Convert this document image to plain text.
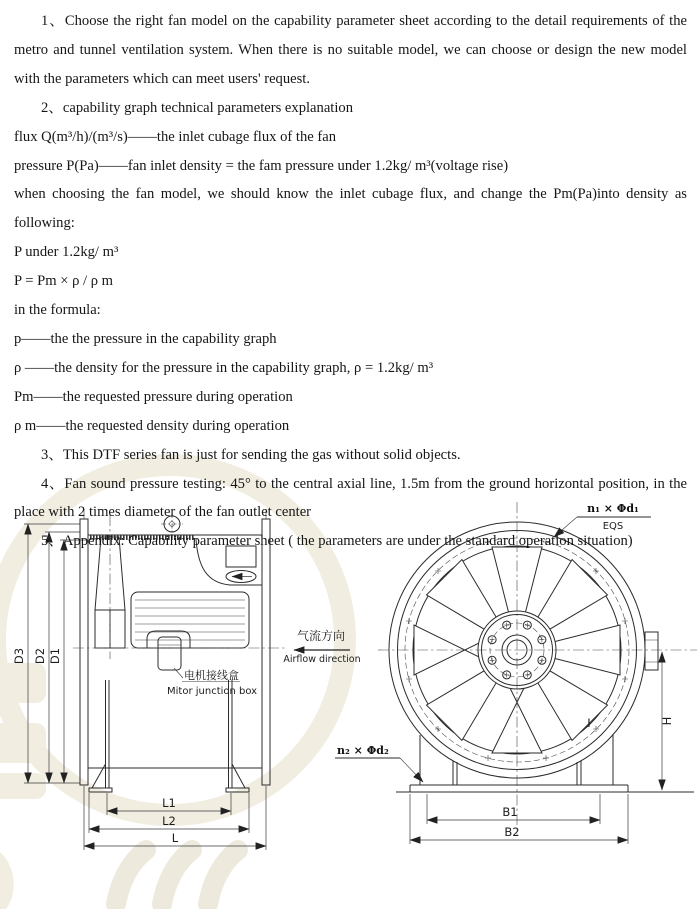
1、Choose the right fan model on the capability parameter sheet according to the detail requirements of the metro and tunnel ventilation system. When there is no suitable model, we can choose or design the new model with the parameters which can meet users' request.

2、capability graph technical parameters explanation

flux Q(m³/h)/(m³/s)——the inlet cubage flux of the fan

pressure P(Pa)——fan inlet density = the fam pressure under 1.2kg/ m³(voltage rise)

when choosing the fan model, we should know the inlet cubage flux, and change the Pm(Pa)into density as following:

P under 1.2kg/ m³

P = Pm × ρ / ρ m

in the formula:

p——the the pressure in the capability graph

ρ ——the density for the pressure in the capability graph, ρ = 1.2kg/ m³

Pm——the requested pressure during operation

ρ m——the requested density during operation

3、This DTF series fan is just for sending the gas without solid objects.

4、Fan sound pressure testing: 45° to the central axial line, 1.5m from the ground horizontal position, in the place with 2 times diameter of the fan outlet center

5、Appendix: Capability parameter sheet ( the parameters are under the standard operation situation)

电机接线盒
Mitor junction box
D3 D2 D1
L1
L2
L
气流方向
Airflow direction
H
B1
B2
n₁ × Φd₁
EQS
n₂ × Φd₂
I
